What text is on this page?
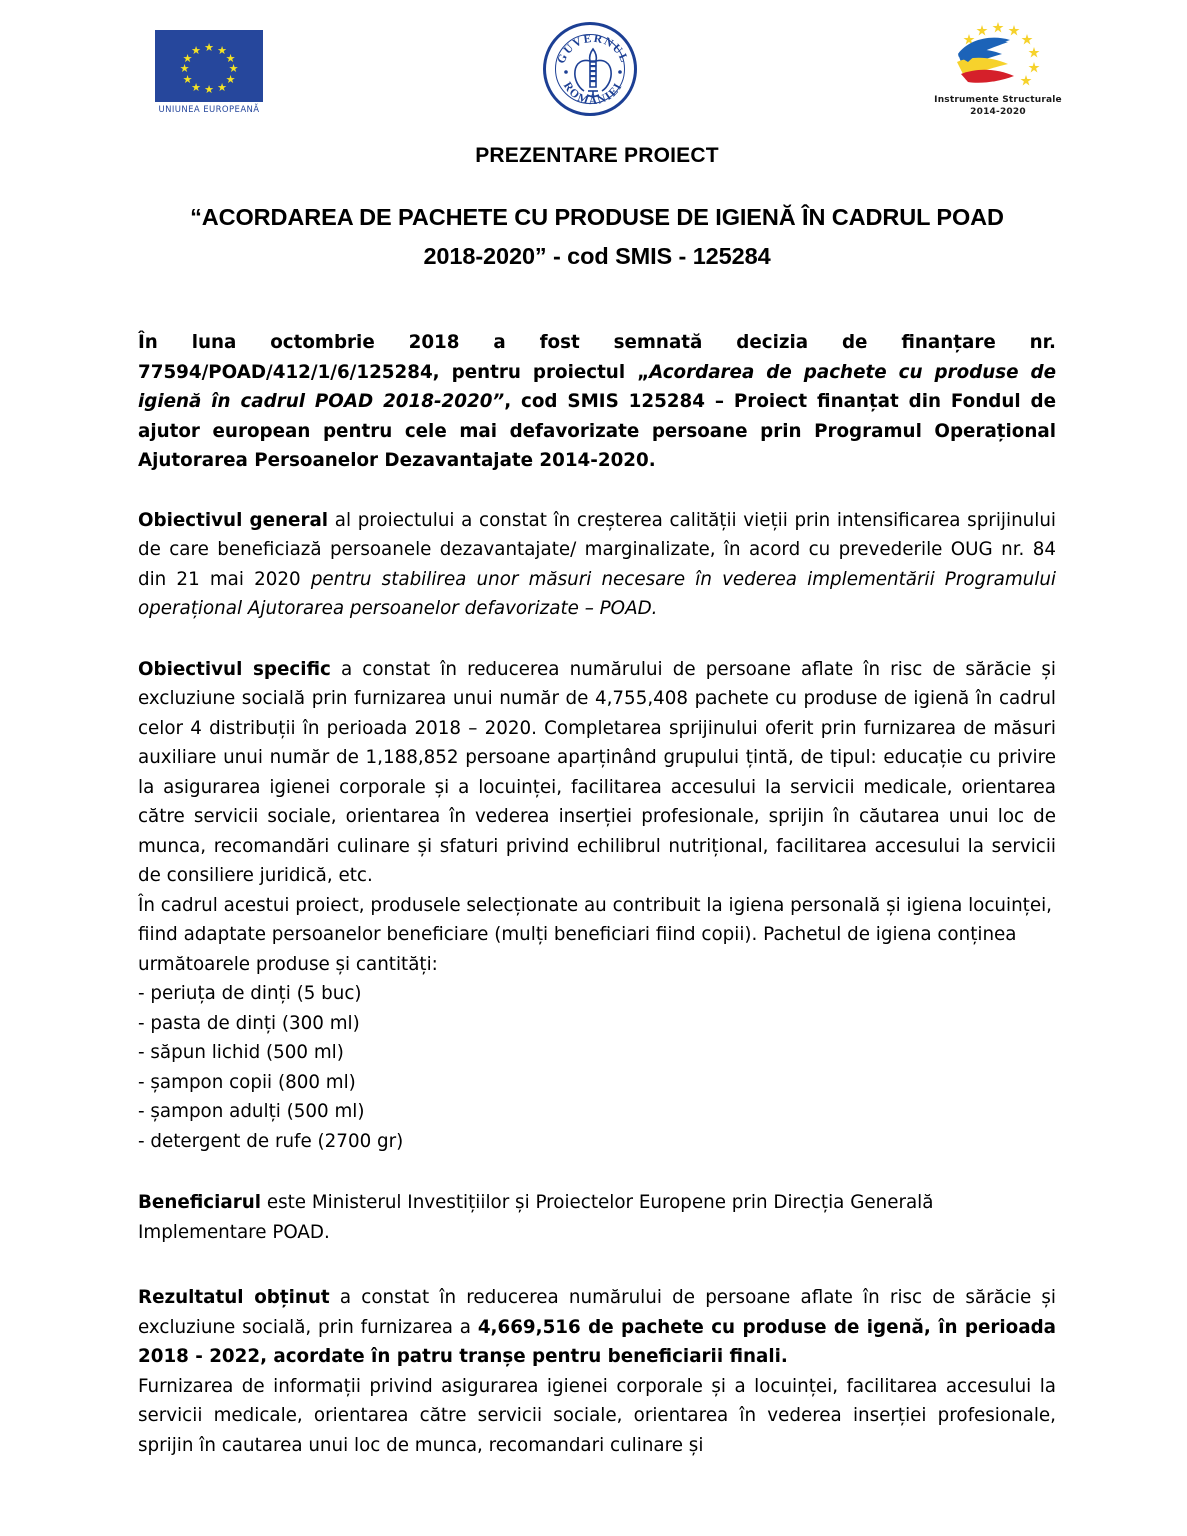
★ ★
★
★
★
★
★
★
★
★
★ ★
UNIUNEA EUROPEANĂ
GUVERNUL
ROMÂNIEI
Instrumente Structurale
2014-2020
PREZENTARE PROIECT
“ACORDAREA DE PACHETE CU PRODUSE DE IGIENĂ ÎN CADRUL POAD
2018-2020” - cod SMIS - 125284

În luna octombrie 2018 a fost semnată decizia de finanțare nr. 77594/POAD/412/1/6/125284, pentru proiectul „Acordarea de pachete cu produse de igienă în cadrul POAD 2018-2020”, cod SMIS 125284 – Proiect finanțat din Fondul de ajutor european pentru cele mai defavorizate persoane prin Programul Operațional Ajutorarea Persoanelor Dezavantajate 2014-2020.

Obiectivul general al proiectului a constat în creșterea calității vieții prin intensificarea sprijinului de care beneficiază persoanele dezavantajate/ marginalizate, în acord cu prevederile OUG nr. 84 din 21 mai 2020 pentru stabilirea unor măsuri necesare în vederea implementării Programului operațional Ajutorarea persoanelor defavorizate – POAD.

Obiectivul specific a constat în reducerea numărului de persoane aflate în risc de sărăcie și excluziune socială prin furnizarea unui număr de 4,755,408 pachete cu produse de igienă în cadrul celor 4 distribuții în perioada 2018 – 2020. Completarea sprijinului oferit prin furnizarea de măsuri auxiliare unui număr de 1,188,852 persoane aparținând grupului țintă, de tipul: educație cu privire la asigurarea igienei corporale și a locuinței, facilitarea accesului la servicii medicale, orientarea către servicii sociale, orientarea în vederea inserției profesionale, sprijin în căutarea unui loc de munca, recomandări culinare și sfaturi privind echilibrul nutrițional, facilitarea accesului la servicii de consiliere juridică, etc.

În cadrul acestui proiect, produsele selecționate au contribuit la igiena personală și igiena locuinței, fiind adaptate persoanelor beneficiare (mulți beneficiari fiind copii). Pachetul de igiena conținea următoarele produse și cantități:

- periuța de dinți (5 buc)
- pasta de dinți (300 ml)
- săpun lichid (500 ml)
- șampon copii (800 ml)
- șampon adulți (500 ml)
- detergent de rufe (2700 gr)

Beneficiarul este Ministerul Investițiilor și Proiectelor Europene prin Direcția Generală Implementare POAD.

Rezultatul obținut a constat în reducerea numărului de persoane aflate în risc de sărăcie și excluziune socială, prin furnizarea a 4,669,516 de pachete cu produse de igenă, în perioada 2018 - 2022, acordate în patru tranșe pentru beneficiarii finali.

Furnizarea de informații privind asigurarea igienei corporale și a locuinței, facilitarea accesului la servicii medicale, orientarea către servicii sociale, orientarea în vederea inserției profesionale, sprijin în cautarea unui loc de munca, recomandari culinare și
